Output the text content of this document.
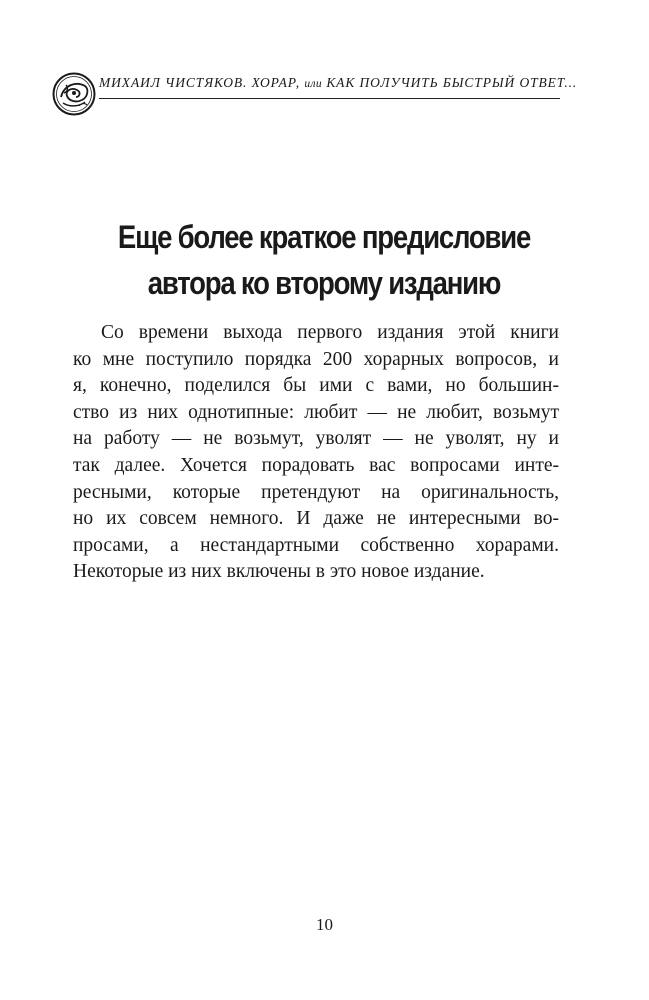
МИХАИЛ ЧИСТЯКОВ. ХОРАР, или КАК ПОЛУЧИТЬ БЫСТРЫЙ ОТВЕТ...
Еще более краткое предисловие
автора ко второму изданию
Со времени выхода первого издания этой книги
ко мне поступило порядка 200 хорарных вопросов, и
я, конечно, поделился бы ими с вами, но большин-
ство из них однотипные: любит — не любит, возьмут
на работу — не возьмут, уволят — не уволят, ну и
так далее. Хочется порадовать вас вопросами инте-
ресными, которые претендуют на оригинальность,
но их совсем немного. И даже не интересными во-
просами, а нестандартными собственно хорарами.
Некоторые из них включены в это новое издание.
10
